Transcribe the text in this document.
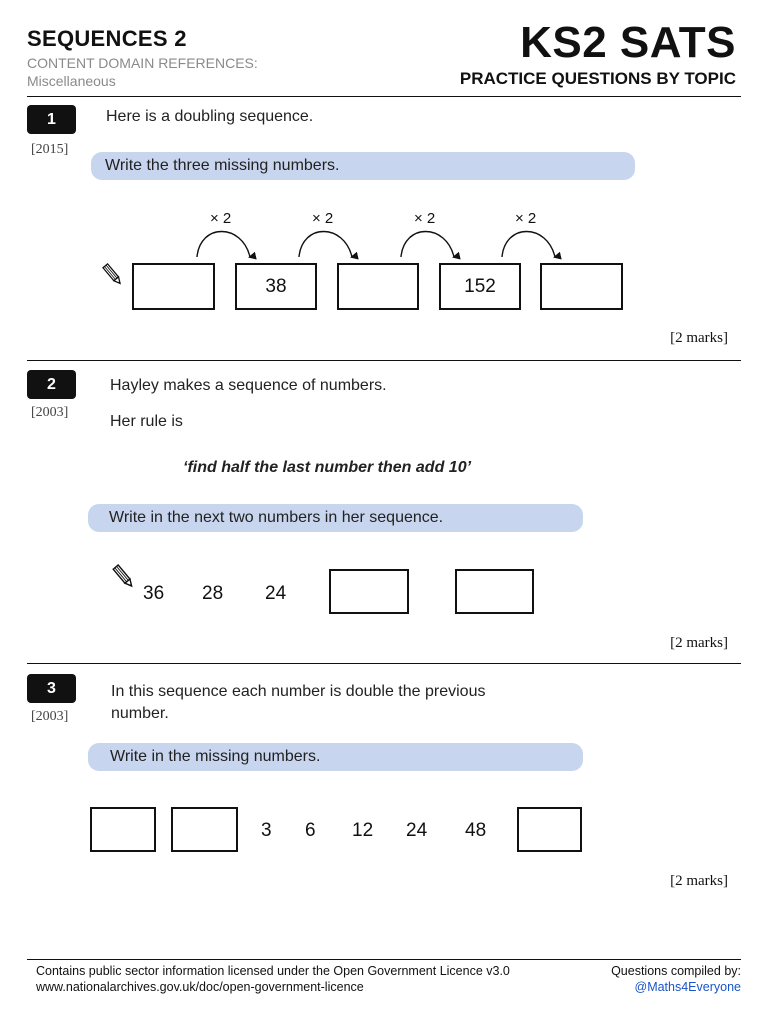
SEQUENCES 2
CONTENT DOMAIN REFERENCES:
Miscellaneous
KS2 SATS
PRACTICE QUESTIONS BY TOPIC
1
[2015]
Here is a doubling sequence.
Write the three missing numbers.
× 2	× 2	× 2	× 2
38	152
[2 marks]
2
[2003]
Hayley makes a sequence of numbers.
Her rule is
‘find half the last number then add 10’
Write in the next two numbers in her sequence.
36 28 24
[2 marks]
3
[2003]
In this sequence each number is double the previous
number.
Write in the missing numbers.
3 6 12 24 48
[2 marks]
Contains public sector information licensed under the Open Government Licence v3.0
www.nationalarchives.gov.uk/doc/open-government-licence
Questions compiled by:
@Maths4Everyone
